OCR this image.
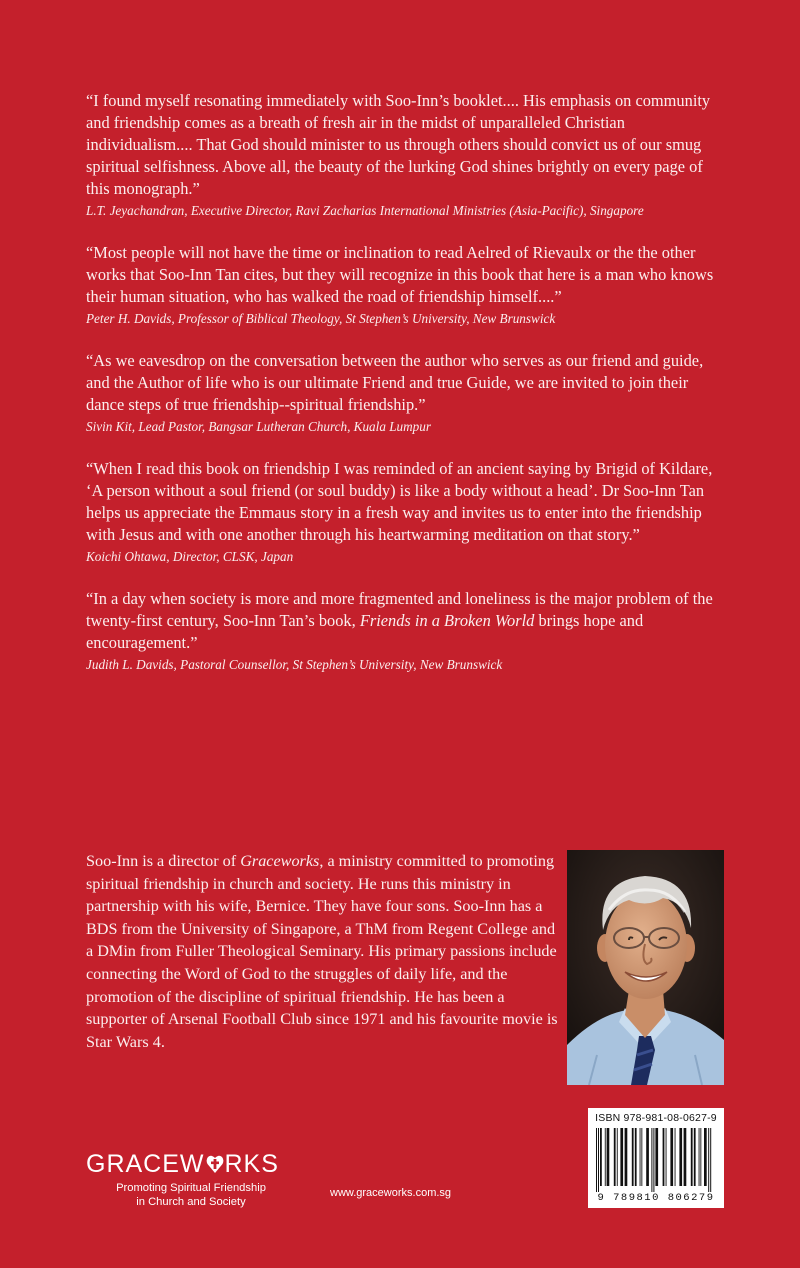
“I found myself resonating immediately with Soo-Inn’s booklet.... His emphasis on community and friendship comes as a breath of fresh air in the midst of unparalleled Christian individualism.... That God should minister to us through others should convict us of our smug spiritual selfishness. Above all, the beauty of the lurking God shines brightly on every page of this monograph.”

L.T. Jeyachandran, Executive Director, Ravi Zacharias International Ministries (Asia-Pacific), Singapore

“Most people will not have the time or inclination to read Aelred of Rievaulx or the the other works that Soo-Inn Tan cites, but they will recognize in this book that here is a man who knows their human situation, who has walked the road of friendship himself....”

Peter H. Davids, Professor of Biblical Theology, St Stephen’s University, New Brunswick

“As we eavesdrop on the conversation between the author who serves as our friend and guide, and the Author of life who is our ultimate Friend and true Guide, we are invited to join their dance steps of true friendship--spiritual friendship.”

Sivin Kit, Lead Pastor, Bangsar Lutheran Church, Kuala Lumpur

“When I read this book on friendship I was reminded of an ancient saying by Brigid of Kildare, ‘A person without a soul friend (or soul buddy) is like a body without a head’. Dr Soo-Inn Tan helps us appreciate the Emmaus story in a fresh way and invites us to enter into the friendship with Jesus and with one another through his heartwarming meditation on that story.”

Koichi Ohtawa, Director, CLSK, Japan

“In a day when society is more and more fragmented and loneliness is the major problem of the twenty-first century, Soo-Inn Tan’s book, Friends in a Broken World brings hope and encouragement.”

Judith L. Davids, Pastoral Counsellor, St Stephen’s University, New Brunswick

Soo-Inn is a director of Graceworks, a ministry committed to promoting spiritual friendship in church and society. He runs this ministry in partnership with his wife, Bernice. They have four sons. Soo-Inn has a BDS from the University of Singapore, a ThM from Regent College and a DMin from Fuller Theological Seminary. His primary passions include connecting the Word of God to the struggles of daily life, and the promotion of the discipline of spiritual friendship. He has been a supporter of Arsenal Football Club since 1971 and his favourite movie is Star Wars 4.

ISBN 978-981-08-0627-9
9 789810 806279
GRACEW RKS
Promoting Spiritual Friendship
in Church and Society
www.graceworks.com.sg
